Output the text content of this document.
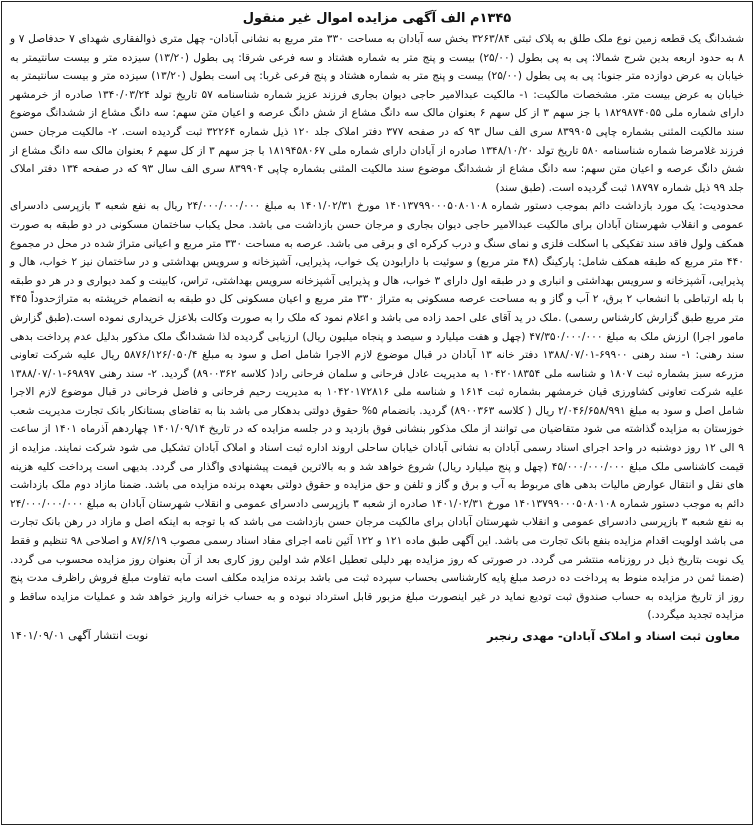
۱۳۴۵م الف آگهی مزایده اموال غیر منقول

ششدانگ یک قطعه زمین نوع ملک طلق به پلاک ثبتی ۳۲۶۳/۸۴ بخش سه آبادان به مساحت ۳۳۰ متر مربع به نشانی آبادان- چهل متری ذوالفقاری شهدای ۷ حدفاصل ۷ و ۸ به حدود اربعه بدین شرح شمالا: پی به پی بطول (۲۵/۰۰) بیست و پنج متر به شماره هشتاد و سه فرعی شرقا: پی بطول (۱۳/۲۰) سیزده متر و بیست سانتیمتر به خیابان به عرض دوازده متر جنوبا: پی به پی بطول (۲۵/۰۰) بیست و پنج متر به شماره هشتاد و پنج فرعی غربا: پی است بطول (۱۳/۲۰) سیزده متر و بیست سانتیمتر به خیابان به عرض بیست متر. مشخصات مالکیت: ۱- مالکیت عبدالامیر حاجی دیوان بجاری فرزند عزیز شماره شناسنامه ۵۷ تاریخ تولد ۱۳۴۰/۰۳/۲۴ صادره از خرمشهر دارای شماره ملی ۱۸۲۹۸۷۴۰۵۵ با جز سهم ۳ از کل سهم ۶ بعنوان مالک سه دانگ مشاع از شش دانگ عرصه و اعیان متن سهم: سه دانگ مشاع از ششدانگ موضوع سند مالکیت المثنی بشماره چاپی ۸۳۹۹۰۵ سری الف سال ۹۳ که در صفحه ۳۷۷ دفتر املاک جلد ۱۲۰ ذیل شماره ۳۲۲۶۴ ثبت گردیده است. ۲- مالکیت مرجان حسن فرزند غلامرضا شماره شناسنامه ۵۸۰ تاریخ تولد ۱۳۴۸/۱۰/۲۰ صادره از آبادان دارای شماره ملی ۱۸۱۹۴۵۸۰۶۷ با جز سهم ۳ از کل سهم ۶ بعنوان مالک سه دانگ مشاع از شش دانگ عرصه و اعیان متن سهم: سه دانگ مشاع از ششدانگ موضوع سند مالکیت المثنی بشماره چاپی ۸۳۹۹۰۴ سری الف سال ۹۳ که در صفحه ۱۳۴ دفتر املاک جلد ۹۹ ذیل شماره ۱۸۷۹۷ ثبت گردیده است. (طبق سند)

محدودیت: یک مورد بازداشت دائم بموجب دستور شماره ۱۴۰۱۳۷۹۹۰۰۰۵۰۸۰۱۰۸ مورخ ۱۴۰۱/۰۲/۳۱ به مبلغ ۲۴/۰۰۰/۰۰۰/۰۰۰ ریال به نفع شعبه ۳ بازپرسی دادسرای عمومی و انقلاب شهرستان آبادان برای مالکیت عبدالامیر حاجی دیوان بجاری و مرجان حسن بازداشت می باشد. محل یکباب ساختمان مسکونی در دو طبقه به صورت همکف ولول فاقد سند تفکیکی با اسکلت فلزی و نمای سنگ و درب کرکره ای و برقی می باشد. عرصه به مساحت ۳۳۰ متر مربع و اعیانی متراژ شده در محل در مجموع ۴۴۰ متر مربع که طبقه همکف شامل: پارکینگ (۴۸ متر مربع) و سوئیت با دارابودن یک خواب، پذیرایی، آشپزخانه و سرویس بهداشتی و در ساختمان نیز ۲ خواب، هال و پذیرایی، آشپزخانه و سرویس بهداشتی و انباری و در طبقه اول دارای ۳ خواب، هال و پذیرایی آشپزخانه سرویس بهداشتی، تراس، کابینت و کمد دیواری و در هر دو طبقه با بله ارتباطی با انشعاب ۲ برق، ۲ آب و گاز و به مساحت عرصه مسکونی به متراژ ۳۳۰ متر مربع و اعیان مسکونی کل دو طبقه به انضمام خرپشته به متراژحدوداً ۴۴۵ متر مربع طبق گزارش کارشناس رسمی) .ملک در ید آقای علی احمد زاده می باشد و اعلام نمود که ملک را به صورت وکالت بلاعزل خریداری نموده است.(طبق گزارش مامور اجرا) ارزش ملک به مبلغ ۴۷/۳۵۰/۰۰۰/۰۰۰ (چهل و هفت میلیارد و سیصد و پنجاه میلیون ریال) ارزیابی گردیده لذا ششدانگ ملک مذکور بدلیل عدم پرداخت بدهی سند رهنی: ۱- سند رهنی ۶۹۹۰۰-۱۳۸۸/۰۷/۰۱ دفتر خانه ۱۳ آبادان در قبال موضوع لازم الاجرا شامل اصل و سود به مبلغ ۵۸۷۶/۱۲۶/۰۵۰/۴ ریال علیه شرکت تعاونی مزرعه سبز بشماره ثبت ۱۸۰۷ و شناسه ملی ۱۰۴۲۰۱۸۳۵۴ به مدیریت عادل فرحانی و سلمان فرحانی راد( کلاسه ۸۹۰۰۳۶۲) گردید. ۲- سند رهنی ۶۹۸۹۷-۱۳۸۸/۰۷/۰۱ علیه شرکت تعاونی کشاورزی قیان خرمشهر بشماره ثبت ۱۶۱۴ و شناسه ملی ۱۰۴۲۰۱۷۲۸۱۶ به مدیریت رحیم فرحانی و فاضل فرحانی در قبال موضوع لازم الاجرا شامل اصل و سود به مبلغ ۲/۰۴۶/۶۵۸/۹۹۱ ریال ( کلاسه ۸۹۰۰۳۶۳) گردید. بانضمام ۵% حقوق دولتی بدهکار می باشد بنا به تقاضای بستانکار بانک تجارت مدیریت شعب خوزستان به مزایده گذاشته می شود متقاضیان می توانند از ملک مذکور بنشانی فوق بازدید و در جلسه مزایده که در تاریخ ۱۴۰۱/۰۹/۱۴ چهاردهم آذرماه ۱۴۰۱ از ساعت ۹ الی ۱۲ روز دوشنبه در واحد اجرای اسناد رسمی آبادان به نشانی آبادان خیابان ساحلی اروند اداره ثبت اسناد و املاک آبادان تشکیل می شود شرکت نمایند. مزایده از قیمت کاشناسی ملک مبلغ ۴۵/۰۰۰/۰۰۰/۰۰۰ (چهل و پنج میلیارد ریال) شروع خواهد شد و به بالاترین قیمت پیشنهادی واگذار می گردد. بدیهی است پرداخت کلیه هزینه های نقل و انتقال عوارض مالیات بدهی های مربوط به آب و برق و گاز و تلفن و حق مزایده و حقوق دولتی بعهده برنده مزایده می باشد. ضمنا مازاد دوم ملک بازداشت دائم به موجب دستور شماره ۱۴۰۱۳۷۹۹۰۰۰۵۰۸۰۱۰۸ مورخ ۱۴۰۱/۰۲/۳۱ صادره از شعبه ۳ بازپرسی دادسرای عمومی و انقلاب شهرستان آبادان به مبلغ ۲۴/۰۰۰/۰۰۰/۰۰۰ به نفع شعبه ۳ بازپرسی دادسرای عمومی و انقلاب شهرستان آبادان برای مالکیت مرجان حسن بازداشت می باشد که با توجه به اینکه اصل و مازاد در رهن بانک تجارت می باشد اولویت اقدام مزایده بنفع بانک تجارت می باشد. این آگهی طبق ماده ۱۲۱ و ۱۲۲ آئین نامه اجرای مفاد اسناد رسمی مصوب ۸۷/۶/۱۹ و اصلاحی ۹۸ تنظیم و فقط یک نوبت بتاریخ ذیل در روزنامه منتشر می گردد. در صورتی که روز مزایده بهر دلیلی تعطیل اعلام شد اولین روز کاری بعد از آن بعنوان روز مزایده محسوب می گردد.(ضمنا ثمن در مزایده منوط به پرداخت ده درصد مبلغ پایه کارشناسی بحساب سپرده ثبت می باشد برنده مزایده مکلف است مابه تفاوت مبلغ فروش راظرف مدت پنج روز از تاریخ مزایده به حساب صندوق ثبت تودیع نماید در غیر اینصورت مبلغ مزبور قابل استرداد نبوده و به حساب خزانه واریز خواهد شد و عملیات مزایده ساقط و مزایده تجدید میگردد.)

معاون ثبت اسناد و املاک آبادان- مهدی رنجبر
نوبت انتشار آگهی ۱۴۰۱/۰۹/۰۱
